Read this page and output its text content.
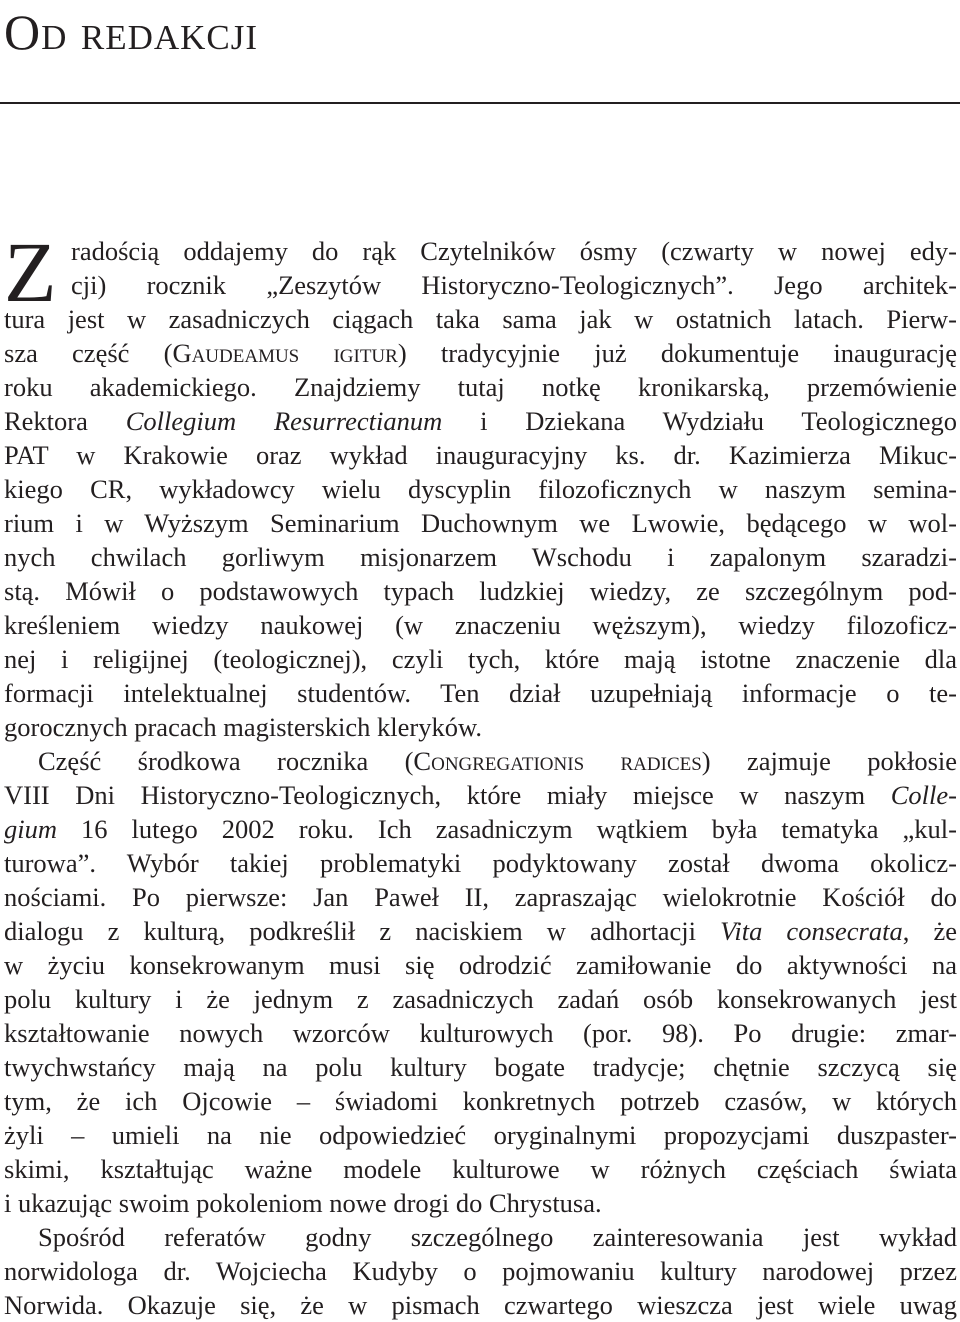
Od redakcji
Z radością oddajemy do rąk Czytelników ósmy (czwarty w nowej edy-
cji) rocznik „Zeszytów Historyczno-Teologicznych”. Jego architek-
tura jest w zasadniczych ciągach taka sama jak w ostatnich latach. Pierw-
sza część (Gaudeamus igitur) tradycyjnie już dokumentuje inaugurację
roku akademickiego. Znajdziemy tutaj notkę kronikarską, przemówienie
Rektora Collegium Resurrectianum i Dziekana Wydziału Teologicznego
PAT w Krakowie oraz wykład inauguracyjny ks. dr. Kazimierza Mikuc-
kiego CR, wykładowcy wielu dyscyplin filozoficznych w naszym semina-
rium i w Wyższym Seminarium Duchownym we Lwowie, będącego w wol-
nych chwilach gorliwym misjonarzem Wschodu i zapalonym szaradzi-
stą. Mówił o podstawowych typach ludzkiej wiedzy, ze szczególnym pod-
kreśleniem wiedzy naukowej (w znaczeniu węższym), wiedzy filozoficz-
nej i religijnej (teologicznej), czyli tych, które mają istotne znaczenie dla
formacji intelektualnej studentów. Ten dział uzupełniają informacje o te-
gorocznych pracach magisterskich kleryków.
Część środkowa rocznika (Congregationis radices) zajmuje pokłosie
VIII Dni Historyczno-Teologicznych, które miały miejsce w naszym Colle-
gium 16 lutego 2002 roku. Ich zasadniczym wątkiem była tematyka „kul-
turowa”. Wybór takiej problematyki podyktowany został dwoma okolicz-
nościami. Po pierwsze: Jan Paweł II, zapraszając wielokrotnie Kościół do
dialogu z kulturą, podkreślił z naciskiem w adhortacji Vita consecrata, że
w życiu konsekrowanym musi się odrodzić zamiłowanie do aktywności na
polu kultury i że jednym z zasadniczych zadań osób konsekrowanych jest
kształtowanie nowych wzorców kulturowych (por. 98). Po drugie: zmar-
twychwstańcy mają na polu kultury bogate tradycje; chętnie szczycą się
tym, że ich Ojcowie – świadomi konkretnych potrzeb czasów, w których
żyli – umieli na nie odpowiedzieć oryginalnymi propozycjami duszpaster-
skimi, kształtując ważne modele kulturowe w różnych częściach świata
i ukazując swoim pokoleniom nowe drogi do Chrystusa.
Spośród referatów godny szczególnego zainteresowania jest wykład
norwidologa dr. Wojciecha Kudyby o pojmowaniu kultury narodowej przez
Norwida. Okazuje się, że w pismach czwartego wieszcza jest wiele uwag
